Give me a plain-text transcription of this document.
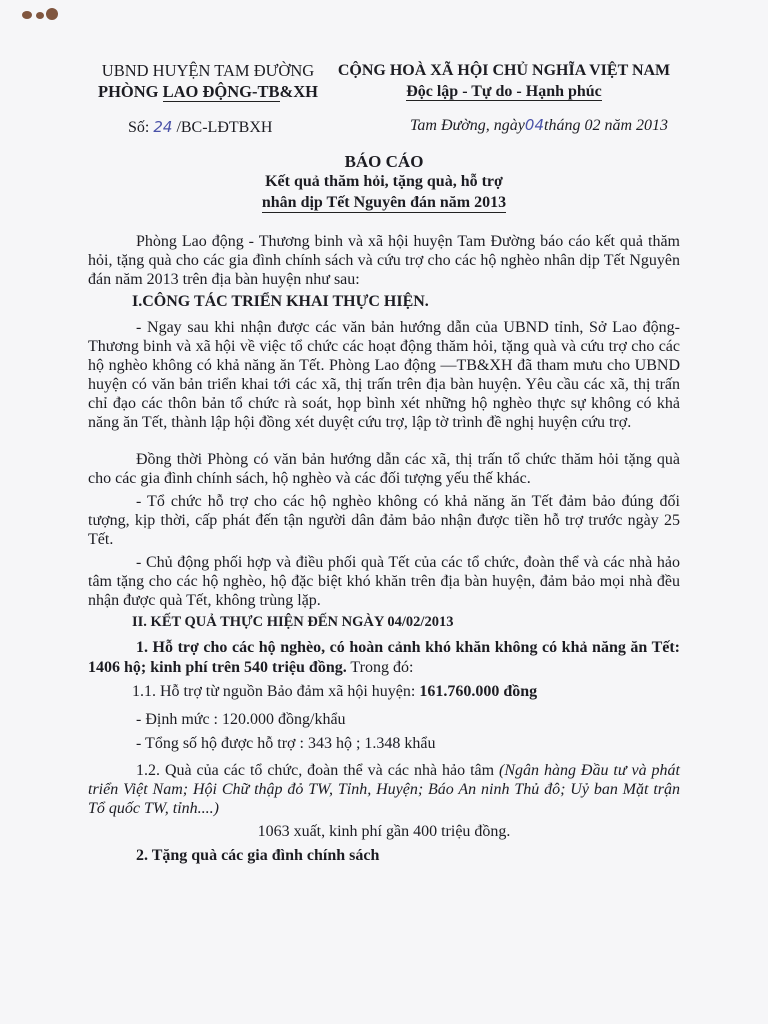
UBND HUYỆN TAM ĐƯỜNG
PHÒNG LAO ĐỘNG-TB&XH
CỘNG HOÀ XÃ HỘI CHỦ NGHĨA VIỆT NAM
Độc lập - Tự do - Hạnh phúc
Số: 24 /BC-LĐTBXH	Tam Đường, ngày04tháng 02 năm 2013
BÁO CÁO
Kết quả thăm hỏi, tặng quà, hỗ trợ
nhân dịp Tết Nguyên đán năm 2013
Phòng Lao động - Thương binh và xã hội huyện Tam Đường báo cáo kết quả thăm hỏi, tặng quà cho các gia đình chính sách và cứu trợ cho các hộ nghèo nhân dịp Tết Nguyên đán năm 2013 trên địa bàn huyện như sau:
I.CÔNG TÁC TRIỂN KHAI THỰC HIỆN.
- Ngay sau khi nhận được các văn bản hướng dẫn của UBND tỉnh, Sở Lao động-Thương binh và xã hội về việc tổ chức các hoạt động thăm hỏi, tặng quà và cứu trợ cho các hộ nghèo không có khả năng ăn Tết. Phòng Lao động —TB&XH đã tham mưu cho UBND huyện có văn bản triển khai tới các xã, thị trấn trên địa bàn huyện. Yêu cầu các xã, thị trấn chỉ đạo các thôn bản tổ chức rà soát, họp bình xét những hộ nghèo thực sự không có khả năng ăn Tết, thành lập hội đồng xét duyệt cứu trợ, lập tờ trình đề nghị huyện cứu trợ.
Đồng thời Phòng có văn bản hướng dẫn các xã, thị trấn tổ chức thăm hỏi tặng quà cho các gia đình chính sách, hộ nghèo và các đối tượng yếu thế khác.
- Tổ chức hỗ trợ cho các hộ nghèo không có khả năng ăn Tết đảm bảo đúng đối tượng, kịp thời, cấp phát đến tận người dân đảm bảo nhận được tiền hỗ trợ trước ngày 25 Tết.
- Chủ động phối hợp và điều phối quà Tết của các tổ chức, đoàn thể và các nhà hảo tâm tặng cho các hộ nghèo, hộ đặc biệt khó khăn trên địa bàn huyện, đảm bảo mọi nhà đều nhận được quà Tết, không trùng lặp.
II. KẾT QUẢ THỰC HIỆN ĐẾN NGÀY 04/02/2013
1. Hỗ trợ cho các hộ nghèo, có hoàn cảnh khó khăn không có khả năng ăn Tết: 1406 hộ; kinh phí trên 540 triệu đồng. Trong đó:
1.1. Hỗ trợ từ nguồn Bảo đảm xã hội huyện: 161.760.000 đồng
- Định mức : 120.000 đồng/khẩu
- Tổng số hộ được hỗ trợ : 343 hộ ; 1.348 khẩu
1.2. Quà của các tổ chức, đoàn thể và các nhà hảo tâm (Ngân hàng Đầu tư và phát triển Việt Nam; Hội Chữ thập đỏ TW, Tỉnh, Huyện; Báo An ninh Thủ đô; Uỷ ban Mặt trận Tổ quốc TW, tỉnh....)
1063 xuất, kinh phí gần 400 triệu đồng.
2. Tặng quà các gia đình chính sách
